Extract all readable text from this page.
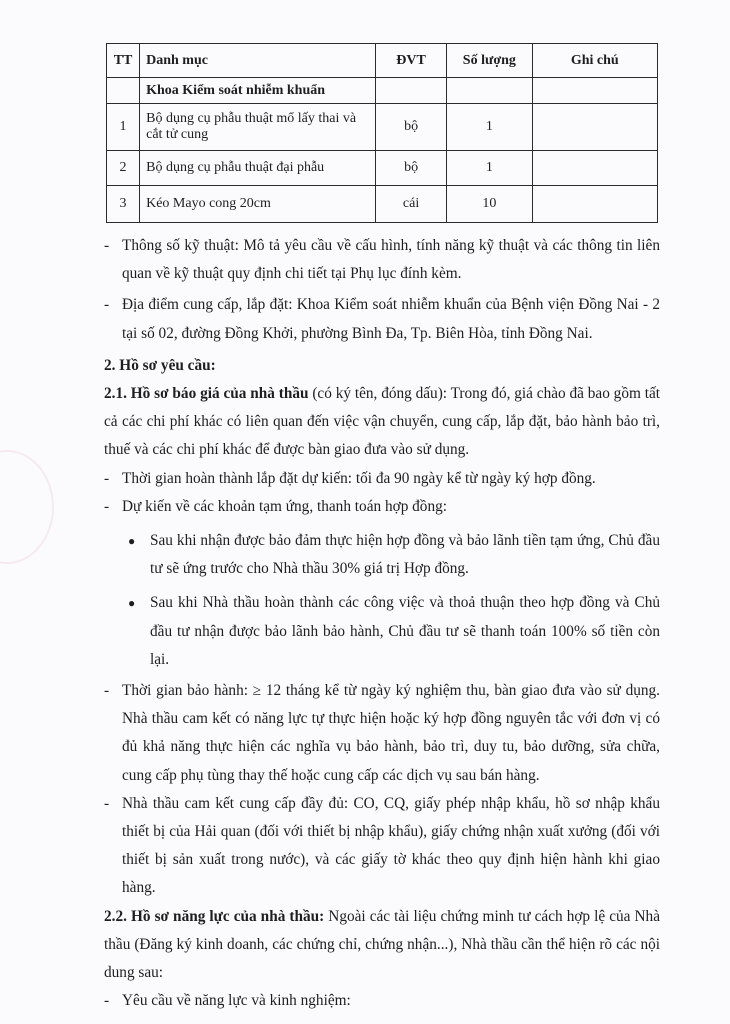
TT	Danh mục	ĐVT	Số lượng	Ghi chú
	Khoa Kiểm soát nhiễm khuẩn			
1	Bộ dụng cụ phẫu thuật mổ lấy thai và cắt tử cung	bộ	1	
2	Bộ dụng cụ phẫu thuật đại phẫu	bộ	1	
3	Kéo Mayo cong 20cm	cái	10	

- Thông số kỹ thuật: Mô tả yêu cầu về cấu hình, tính năng kỹ thuật và các thông tin liên quan về kỹ thuật quy định chi tiết tại Phụ lục đính kèm.

- Địa điểm cung cấp, lắp đặt: Khoa Kiểm soát nhiễm khuẩn của Bệnh viện Đồng Nai - 2 tại số 02, đường Đồng Khởi, phường Bình Đa, Tp. Biên Hòa, tỉnh Đồng Nai.

2. Hồ sơ yêu cầu:

2.1. Hồ sơ báo giá của nhà thầu (có ký tên, đóng dấu): Trong đó, giá chào đã bao gồm tất cả các chi phí khác có liên quan đến việc vận chuyển, cung cấp, lắp đặt, bảo hành bảo trì, thuế và các chi phí khác để được bàn giao đưa vào sử dụng.

- Thời gian hoàn thành lắp đặt dự kiến: tối đa 90 ngày kể từ ngày ký hợp đồng.

- Dự kiến về các khoản tạm ứng, thanh toán hợp đồng:

● Sau khi nhận được bảo đảm thực hiện hợp đồng và bảo lãnh tiền tạm ứng, Chủ đầu tư sẽ ứng trước cho Nhà thầu 30% giá trị Hợp đồng.

● Sau khi Nhà thầu hoàn thành các công việc và thoả thuận theo hợp đồng và Chủ đầu tư nhận được bảo lãnh bảo hành, Chủ đầu tư sẽ thanh toán 100% số tiền còn lại.

- Thời gian bảo hành: ≥ 12 tháng kể từ ngày ký nghiệm thu, bàn giao đưa vào sử dụng. Nhà thầu cam kết có năng lực tự thực hiện hoặc ký hợp đồng nguyên tắc với đơn vị có đủ khả năng thực hiện các nghĩa vụ bảo hành, bảo trì, duy tu, bảo dưỡng, sửa chữa, cung cấp phụ tùng thay thế hoặc cung cấp các dịch vụ sau bán hàng.

- Nhà thầu cam kết cung cấp đầy đủ: CO, CQ, giấy phép nhập khẩu, hồ sơ nhập khẩu thiết bị của Hải quan (đối với thiết bị nhập khẩu), giấy chứng nhận xuất xưởng (đối với thiết bị sản xuất trong nước), và các giấy tờ khác theo quy định hiện hành khi giao hàng.

2.2. Hồ sơ năng lực của nhà thầu: Ngoài các tài liệu chứng minh tư cách hợp lệ của Nhà thầu (Đăng ký kinh doanh, các chứng chỉ, chứng nhận...), Nhà thầu cần thể hiện rõ các nội dung sau:

- Yêu cầu về năng lực và kinh nghiệm:
